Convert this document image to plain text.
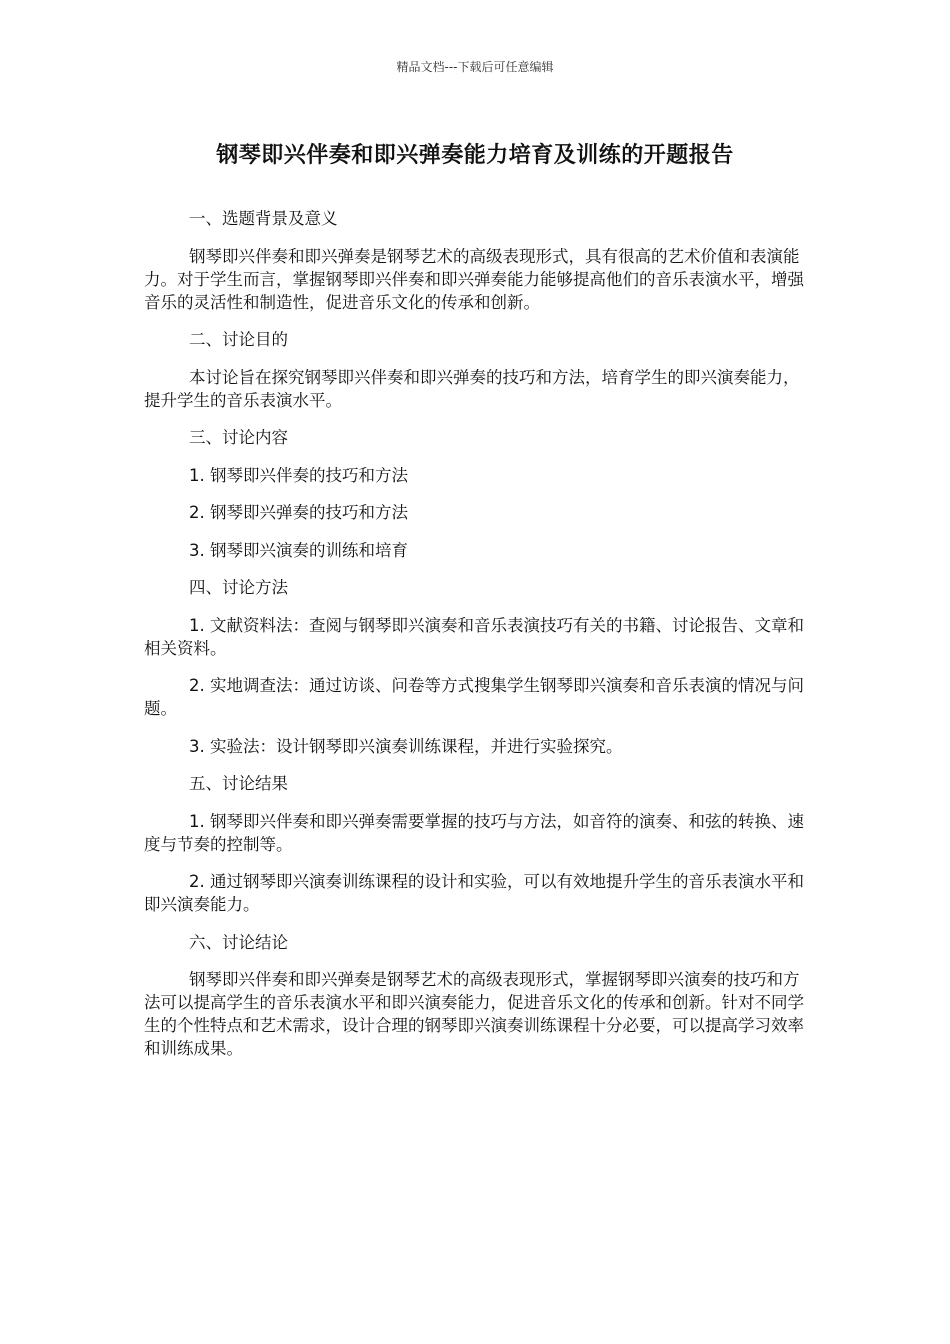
精品文档---下载后可任意编辑
钢琴即兴伴奏和即兴弹奏能力培育及训练的开题报告
一、选题背景及意义
钢琴即兴伴奏和即兴弹奏是钢琴艺术的高级表现形式，具有很高的艺术价值和表演能力。对于学生而言，掌握钢琴即兴伴奏和即兴弹奏能力能够提高他们的音乐表演水平，增强音乐的灵活性和制造性，促进音乐文化的传承和创新。
二、讨论目的
本讨论旨在探究钢琴即兴伴奏和即兴弹奏的技巧和方法，培育学生的即兴演奏能力，提升学生的音乐表演水平。
三、讨论内容
1. 钢琴即兴伴奏的技巧和方法
2. 钢琴即兴弹奏的技巧和方法
3. 钢琴即兴演奏的训练和培育
四、讨论方法
1. 文献资料法：查阅与钢琴即兴演奏和音乐表演技巧有关的书籍、讨论报告、文章和相关资料。
2. 实地调查法：通过访谈、问卷等方式搜集学生钢琴即兴演奏和音乐表演的情况与问题。
3. 实验法：设计钢琴即兴演奏训练课程，并进行实验探究。
五、讨论结果
1. 钢琴即兴伴奏和即兴弹奏需要掌握的技巧与方法，如音符的演奏、和弦的转换、速度与节奏的控制等。
2. 通过钢琴即兴演奏训练课程的设计和实验，可以有效地提升学生的音乐表演水平和即兴演奏能力。
六、讨论结论
钢琴即兴伴奏和即兴弹奏是钢琴艺术的高级表现形式，掌握钢琴即兴演奏的技巧和方法可以提高学生的音乐表演水平和即兴演奏能力，促进音乐文化的传承和创新。针对不同学生的个性特点和艺术需求，设计合理的钢琴即兴演奏训练课程十分必要，可以提高学习效率和训练成果。
